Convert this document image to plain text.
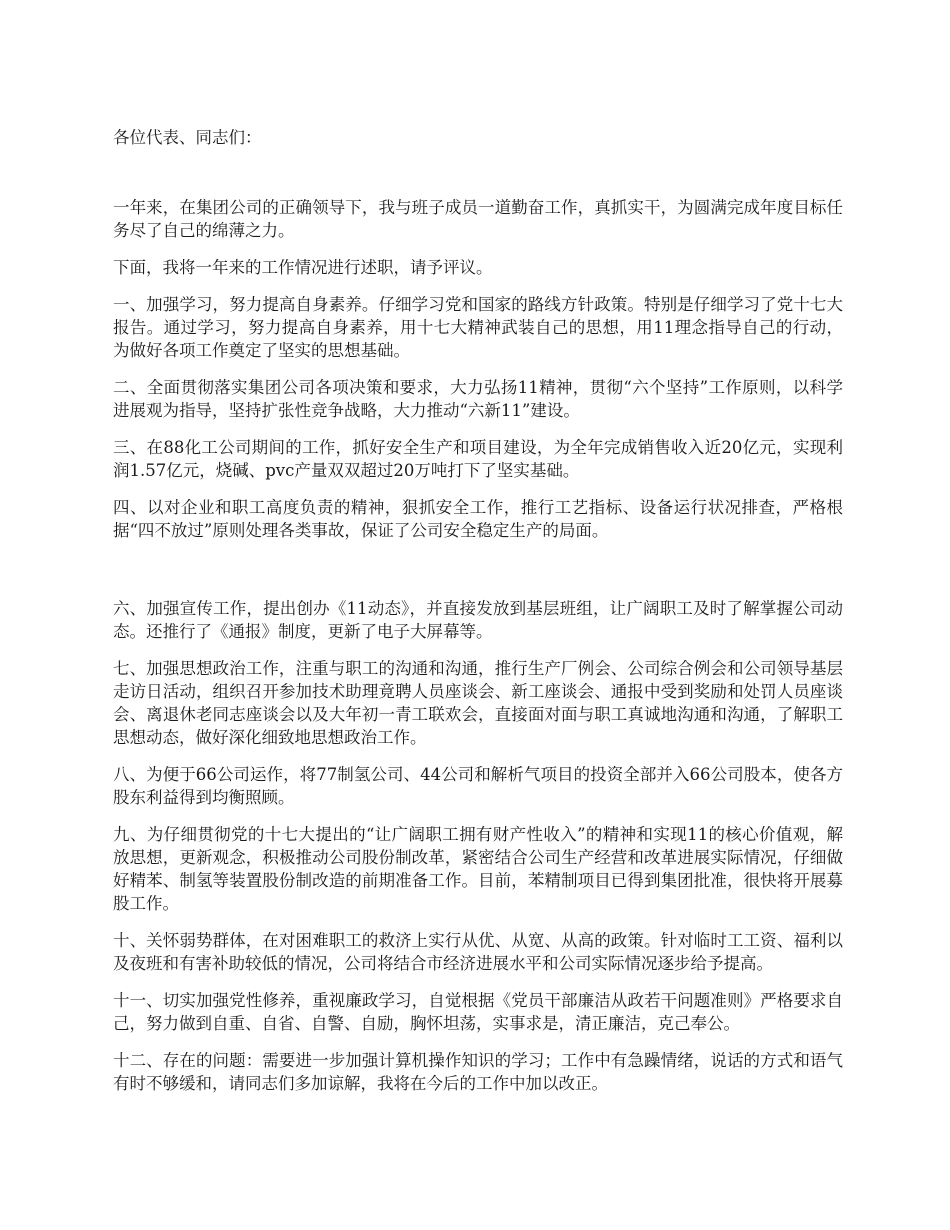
各位代表、同志们：

一年来，在集团公司的正确领导下，我与班子成员一道勤奋工作，真抓实干，为圆满完成年度目标任务尽了自己的绵薄之力。

下面，我将一年来的工作情况进行述职，请予评议。

一、加强学习，努力提高自身素养。仔细学习党和国家的路线方针政策。特别是仔细学习了党十七大报告。通过学习，努力提高自身素养，用十七大精神武装自己的思想，用11理念指导自己的行动，为做好各项工作奠定了坚实的思想基础。

二、全面贯彻落实集团公司各项决策和要求，大力弘扬11精神，贯彻“六个坚持”工作原则，以科学进展观为指导，坚持扩张性竞争战略，大力推动“六新11”建设。

三、在88化工公司期间的工作，抓好安全生产和项目建设，为全年完成销售收入近20亿元，实现利润1.57亿元，烧碱、pvc产量双双超过20万吨打下了坚实基础。

四、以对企业和职工高度负责的精神，狠抓安全工作，推行工艺指标、设备运行状况排查，严格根据“四不放过”原则处理各类事故，保证了公司安全稳定生产的局面。

六、加强宣传工作，提出创办《11动态》，并直接发放到基层班组，让广阔职工及时了解掌握公司动态。还推行了《通报》制度，更新了电子大屏幕等。

七、加强思想政治工作，注重与职工的沟通和沟通，推行生产厂例会、公司综合例会和公司领导基层走访日活动，组织召开参加技术助理竟聘人员座谈会、新工座谈会、通报中受到奖励和处罚人员座谈会、离退休老同志座谈会以及大年初一青工联欢会，直接面对面与职工真诚地沟通和沟通，了解职工思想动态，做好深化细致地思想政治工作。

八、为便于66公司运作，将77制氢公司、44公司和解析气项目的投资全部并入66公司股本，使各方股东利益得到均衡照顾。

九、为仔细贯彻党的十七大提出的“让广阔职工拥有财产性收入”的精神和实现11的核心价值观，解放思想，更新观念，积极推动公司股份制改革，紧密结合公司生产经营和改革进展实际情况，仔细做好精苯、制氢等装置股份制改造的前期准备工作。目前，苯精制项目已得到集团批准，很快将开展募股工作。

十、关怀弱势群体，在对困难职工的救济上实行从优、从宽、从高的政策。针对临时工工资、福利以及夜班和有害补助较低的情况，公司将结合市经济进展水平和公司实际情况逐步给予提高。

十一、切实加强党性修养，重视廉政学习，自觉根据《党员干部廉洁从政若干问题准则》严格要求自己，努力做到自重、自省、自警、自励，胸怀坦荡，实事求是，清正廉洁，克己奉公。

十二、存在的问题：需要进一步加强计算机操作知识的学习；工作中有急躁情绪，说话的方式和语气有时不够缓和，请同志们多加谅解，我将在今后的工作中加以改正。
